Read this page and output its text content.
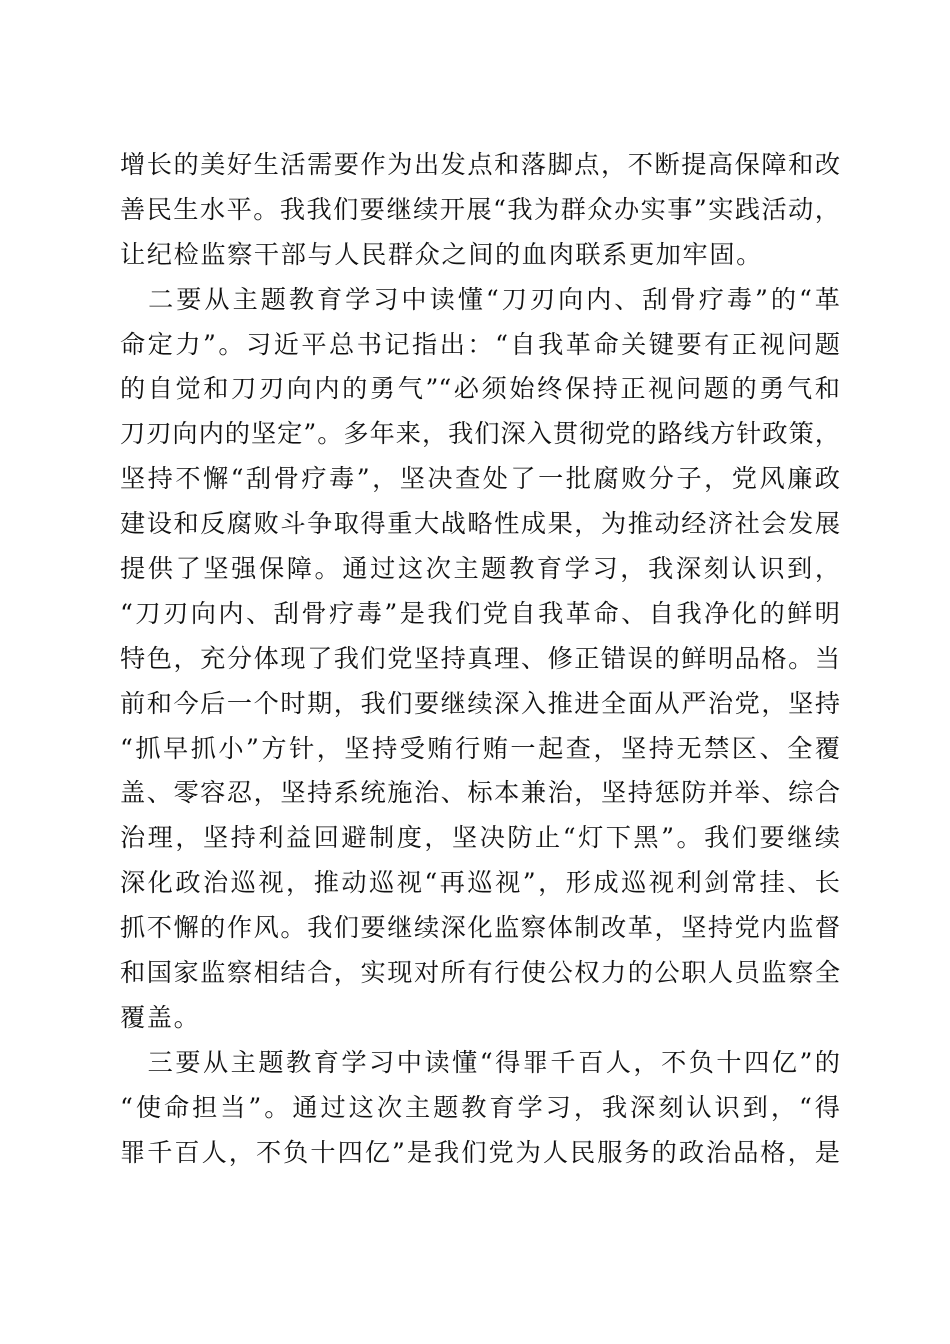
增长的美好生活需要作为出发点和落脚点，不断提高保障和改
善民生水平。我我们要继续开展“我为群众办实事”实践活动，
让纪检监察干部与人民群众之间的血肉联系更加牢固。
　二要从主题教育学习中读懂“刀刃向内、刮骨疗毒”的“革
命定力”。习近平总书记指出：“自我革命关键要有正视问题
的自觉和刀刃向内的勇气”“必须始终保持正视问题的勇气和
刀刃向内的坚定”。多年来，我们深入贯彻党的路线方针政策，
坚持不懈“刮骨疗毒”，坚决查处了一批腐败分子，党风廉政
建设和反腐败斗争取得重大战略性成果，为推动经济社会发展
提供了坚强保障。通过这次主题教育学习，我深刻认识到，
“刀刃向内、刮骨疗毒”是我们党自我革命、自我净化的鲜明
特色，充分体现了我们党坚持真理、修正错误的鲜明品格。当
前和今后一个时期，我们要继续深入推进全面从严治党，坚持
“抓早抓小”方针，坚持受贿行贿一起查，坚持无禁区、全覆
盖、零容忍，坚持系统施治、标本兼治，坚持惩防并举、综合
治理，坚持利益回避制度，坚决防止“灯下黑”。我们要继续
深化政治巡视，推动巡视“再巡视”，形成巡视利剑常挂、长
抓不懈的作风。我们要继续深化监察体制改革，坚持党内监督
和国家监察相结合，实现对所有行使公权力的公职人员监察全
覆盖。
　三要从主题教育学习中读懂“得罪千百人，不负十四亿”的
“使命担当”。通过这次主题教育学习，我深刻认识到，“得
罪千百人，不负十四亿”是我们党为人民服务的政治品格，是
